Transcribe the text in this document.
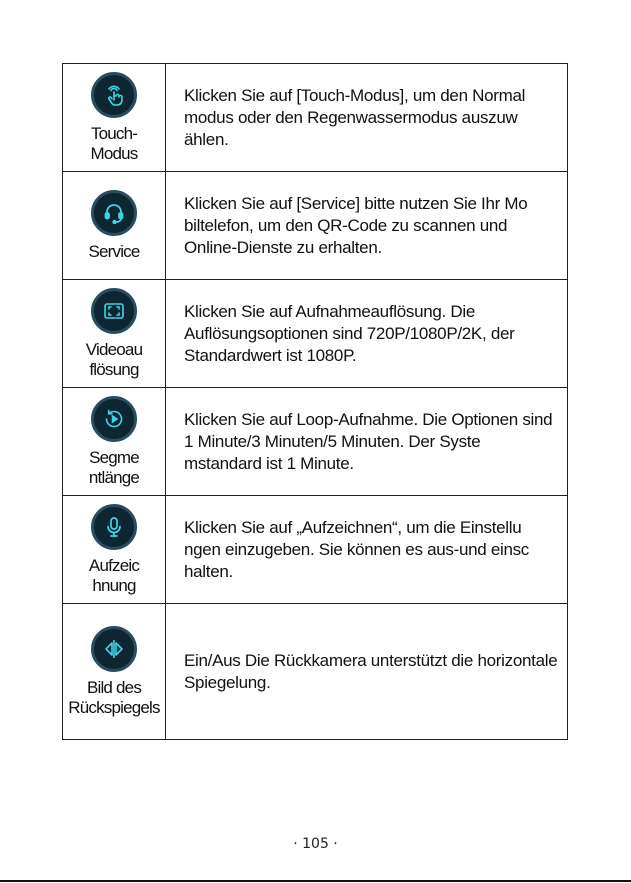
Touch-
Modus	Klicken Sie auf [Touch-Modus], um den Normal modus oder den Regenwassermodus auszuw ählen.

Service	Klicken Sie auf [Service] bitte nutzen Sie Ihr Mo biltelefon, um den QR-Code zu scannen und Online-Dienste zu erhalten.

Videoau
flösung	Klicken Sie auf Aufnahmeauflösung. Die Auflösungsoptionen sind 720P/1080P/2K, der Standardwert ist 1080P.

Segme
ntlänge	Klicken Sie auf Loop-Aufnahme. Die Optionen sind 1 Minute/3 Minuten/5 Minuten. Der Syste mstandard ist 1 Minute.

Aufzeic
hnung	Klicken Sie auf „Aufzeichnen“, um die Einstellu ngen einzugeben. Sie können es aus-und einsc halten.

Bild des
Rückspiegels	Ein/Aus Die Rückkamera unterstützt die horizontale Spiegelung.
· 105 ·
